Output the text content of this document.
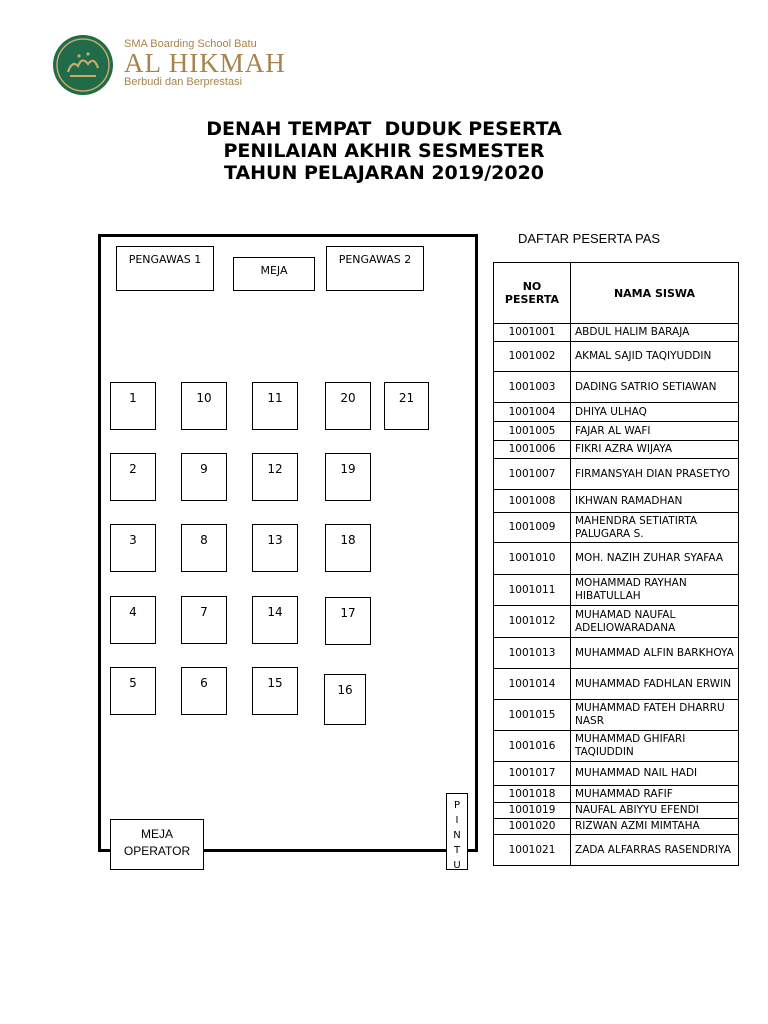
SMA Boarding School Batu
AL HIKMAH
Berbudi dan Berprestasi
DENAH TEMPAT  DUDUK PESERTA
PENILAIAN AKHIR SESMESTER
TAHUN PELAJARAN 2019/2020
PENGAWAS 1
MEJA
PENGAWAS 2
1
2
3
4
5	6
7
8
9
10	11
12
13
14
15	16
17
18
19
20	21
MEJA
OPERATOR
P
I
N
T
U
DAFTAR PESERTA PAS
NO
PESERTA	NAMA SISWA
1001001	ABDUL HALIM BARAJA
1001002	AKMAL SAJID TAQIYUDDIN
1001003	DADING SATRIO SETIAWAN
1001004	DHIYA ULHAQ
1001005	FAJAR AL WAFI
1001006	FIKRI AZRA WIJAYA
1001007	FIRMANSYAH DIAN PRASETYO
1001008	IKHWAN RAMADHAN
1001009	MAHENDRA SETIATIRTA PALUGARA S.
1001010	MOH. NAZIH ZUHAR SYAFAA
1001011	MOHAMMAD RAYHAN HIBATULLAH
1001012	MUHAMAD NAUFAL ADELIOWARADANA
1001013	MUHAMMAD ALFIN BARKHOYA
1001014	MUHAMMAD FADHLAN ERWIN
1001015	MUHAMMAD FATEH DHARRU NASR
1001016	MUHAMMAD GHIFARI TAQIUDDIN
1001017	MUHAMMAD NAIL HADI
1001018	MUHAMMAD RAFIF
1001019	NAUFAL ABIYYU EFENDI
1001020	RIZWAN AZMI MIMTAHA
1001021	ZADA ALFARRAS RASENDRIYA
